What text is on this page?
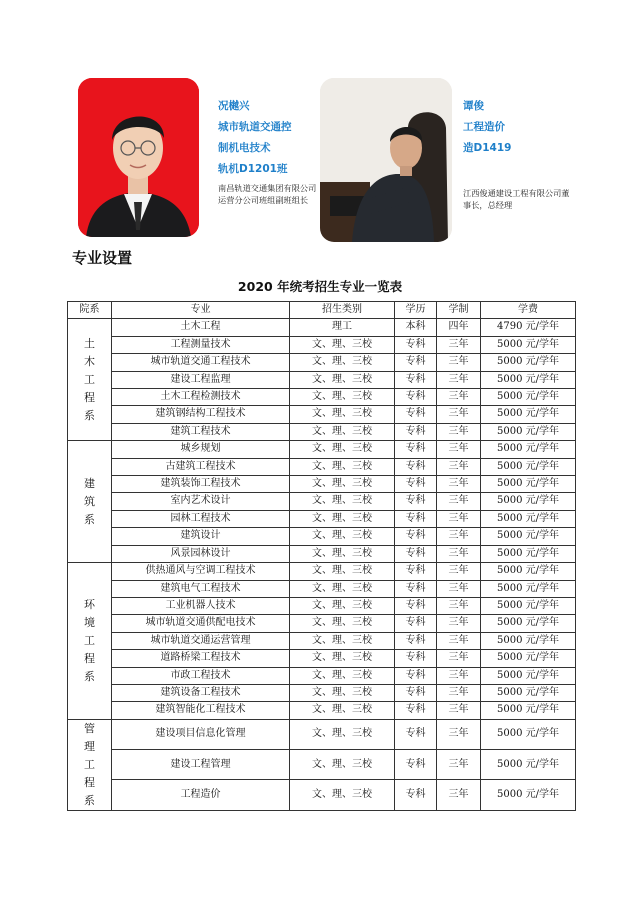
况樾兴
城市轨道交通控
制机电技术
轨机D1201班
南昌轨道交通集团有限公司运营分公司班组副班组长
谭俊
工程造价
造D1419
江西俊通建设工程有限公司董事长，总经理
专业设置
2020 年统考招生专业一览表
院系	专业	招生类别	学历	学制	学费

土
木
工
程
系	土木工程	理工	本科	四年	4790 元/学年
	工程测量技术	文、理、三校	专科	三年	5000 元/学年
	城市轨道交通工程技术	文、理、三校	专科	三年	5000 元/学年
	建设工程监理	文、理、三校	专科	三年	5000 元/学年
	土木工程检测技术	文、理、三校	专科	三年	5000 元/学年
	建筑钢结构工程技术	文、理、三校	专科	三年	5000 元/学年
	建筑工程技术	文、理、三校	专科	三年	5000 元/学年

建
筑
系	城乡规划	文、理、三校	专科	三年	5000 元/学年
	古建筑工程技术	文、理、三校	专科	三年	5000 元/学年
	建筑装饰工程技术	文、理、三校	专科	三年	5000 元/学年
	室内艺术设计	文、理、三校	专科	三年	5000 元/学年
	园林工程技术	文、理、三校	专科	三年	5000 元/学年
	建筑设计	文、理、三校	专科	三年	5000 元/学年
	风景园林设计	文、理、三校	专科	三年	5000 元/学年

环
境
工
程
系	供热通风与空调工程技术	文、理、三校	专科	三年	5000 元/学年
	建筑电气工程技术	文、理、三校	专科	三年	5000 元/学年
	工业机器人技术	文、理、三校	专科	三年	5000 元/学年
	城市轨道交通供配电技术	文、理、三校	专科	三年	5000 元/学年
	城市轨道交通运营管理	文、理、三校	专科	三年	5000 元/学年
	道路桥梁工程技术	文、理、三校	专科	三年	5000 元/学年
	市政工程技术	文、理、三校	专科	三年	5000 元/学年
	建筑设备工程技术	文、理、三校	专科	三年	5000 元/学年
	建筑智能化工程技术	文、理、三校	专科	三年	5000 元/学年

管
理
工
程
系	建设项目信息化管理	文、理、三校	专科	三年	5000 元/学年
	建设工程管理	文、理、三校	专科	三年	5000 元/学年
	工程造价	文、理、三校	专科	三年	5000 元/学年
